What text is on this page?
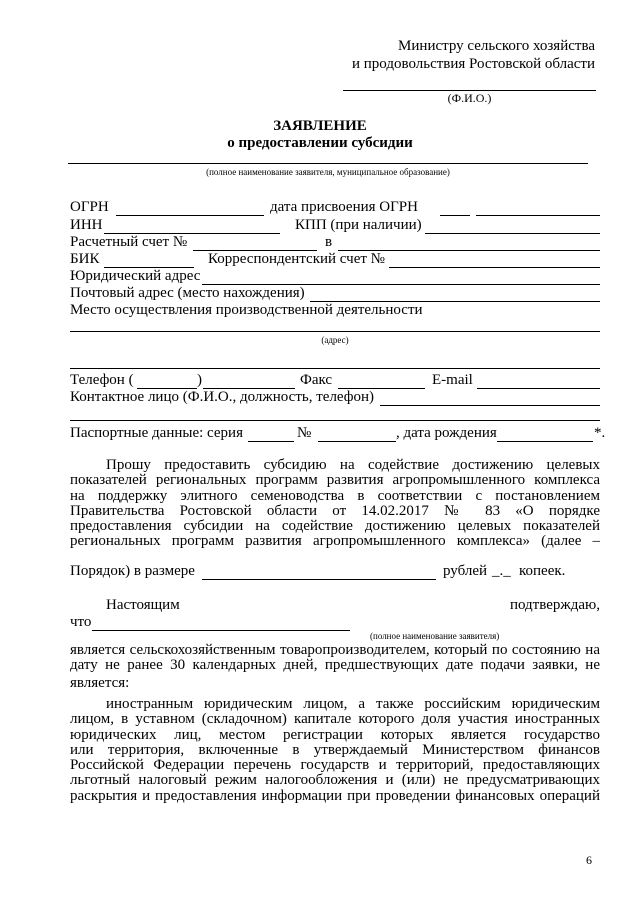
Министру сельского хозяйства
и продовольствия Ростовской области
(Ф.И.О.)
ЗАЯВЛЕНИЕ
о предоставлении субсидии
(полное наименование заявителя, муниципальное образование)
ОГРН	дата присвоения ОГРН
ИНН	КПП (при наличии)
Расчетный счет №	в
БИК	Корреспондентский счет №
Юридический адрес
Почтовый адрес (место нахождения)
Место осуществления производственной деятельности
(адрес)
Телефон (	)	Факс	E-mail
Контактное лицо (Ф.И.О., должность, телефон)
Паспортные данные: серия	№	, дата рождения	*.
Прошу предоставить субсидию на содействие достижению целевых
показателей региональных программ развития агропромышленного комплекса
на поддержку элитного семеноводства в соответствии с постановлением
Правительства Ростовской области от 14.02.2017 № 83 «О порядке
предоставления субсидии на содействие достижению целевых показателей
региональных программ развития агропромышленного комплекса» (далее –
Порядок) в размере	рублей _._ копеек.
Настоящим	подтверждаю,
что
(полное наименование заявителя)
является сельскохозяйственным товаропроизводителем, который по состоянию на
дату не ранее 30 календарных дней, предшествующих дате подачи заявки, не
является:
иностранным юридическим лицом, а также российским юридическим
лицом, в уставном (складочном) капитале которого доля участия иностранных
юридических лиц, местом регистрации которых является государство
или территория, включенные в утверждаемый Министерством финансов
Российской Федерации перечень государств и территорий, предоставляющих
льготный налоговый режим налогообложения и (или) не предусматривающих
раскрытия и предоставления информации при проведении финансовых операций
6
